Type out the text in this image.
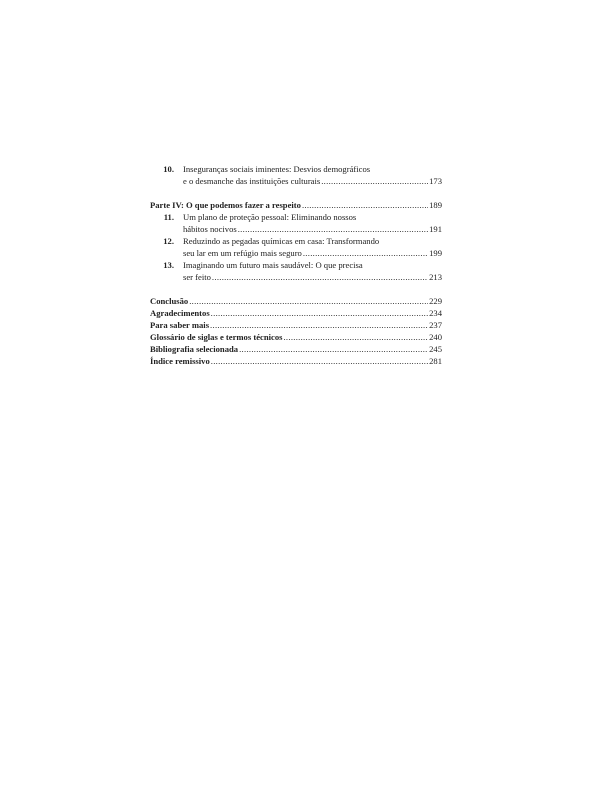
10. Inseguranças sociais iminentes: Desvios demográficos
e o desmanche das instituições culturais .....	173
Parte IV: O que podemos fazer a respeito .....	189
11. Um plano de proteção pessoal: Eliminando nossos
hábitos nocivos .....	191
12. Reduzindo as pegadas químicas em casa: Transformando
seu lar em um refúgio mais seguro .....	199
13. Imaginando um futuro mais saudável: O que precisa
ser feito .....	213
Conclusão .....	229
Agradecimentos .....	234
Para saber mais .....	237
Glossário de siglas e termos técnicos .....	240
Bibliografia selecionada .....	245
Índice remissivo .....	281
